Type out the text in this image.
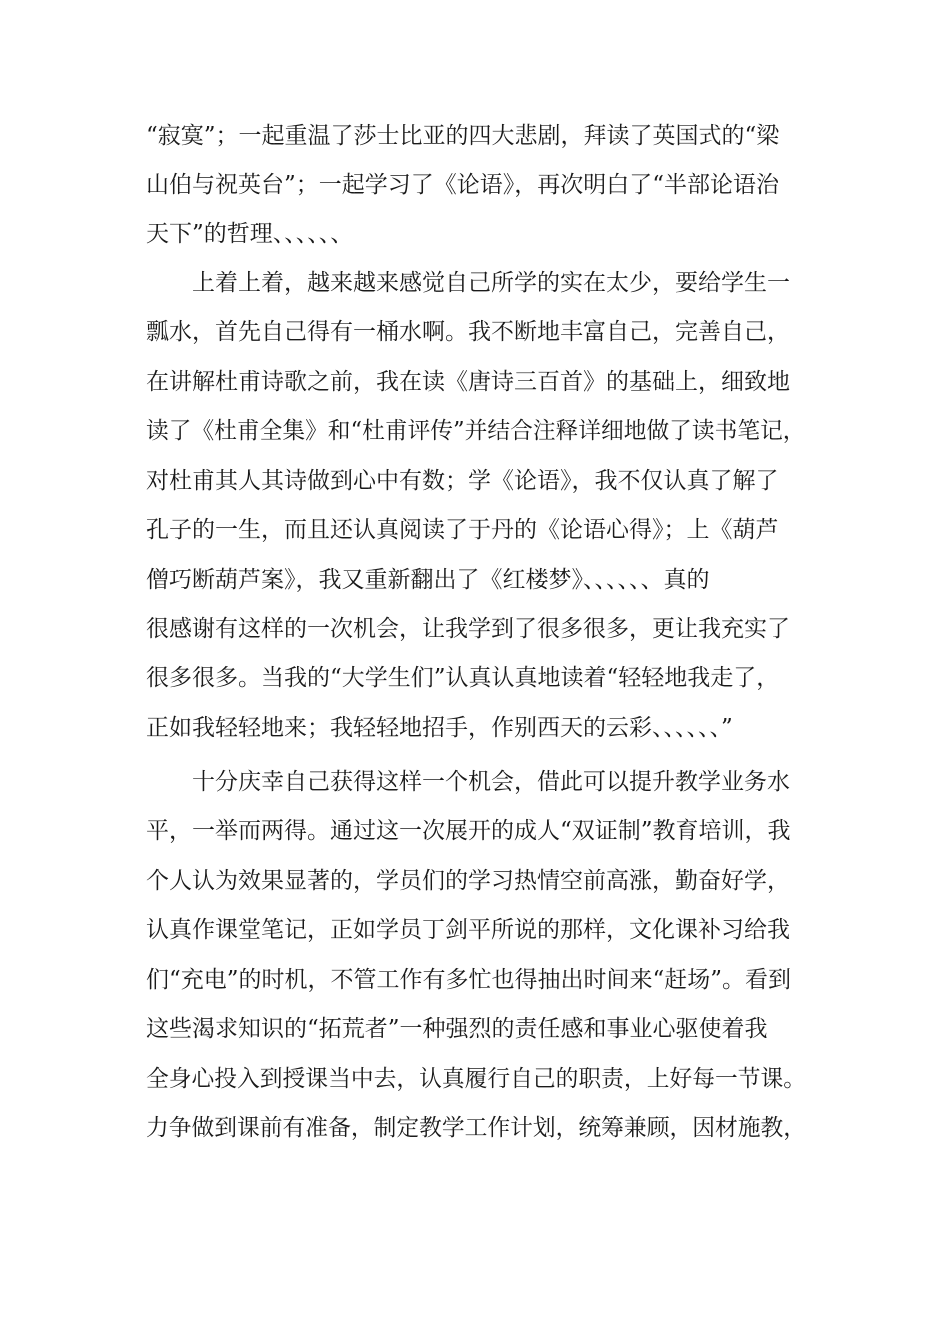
“寂寞”；一起重温了莎士比亚的四大悲剧，拜读了英国式的“梁
山伯与祝英台”；一起学习了《论语》，再次明白了“半部论语治
天下”的哲理、、、、、、
上着上着，越来越来感觉自己所学的实在太少，要给学生一
瓢水，首先自己得有一桶水啊。我不断地丰富自己，完善自己，
在讲解杜甫诗歌之前，我在读《唐诗三百首》的基础上，细致地
读了《杜甫全集》和“杜甫评传”并结合注释详细地做了读书笔记，
对杜甫其人其诗做到心中有数；学《论语》，我不仅认真了解了
孔子的一生，而且还认真阅读了于丹的《论语心得》；上《葫芦
僧巧断葫芦案》，我又重新翻出了《红楼梦》、、、、、、真的
很感谢有这样的一次机会，让我学到了很多很多，更让我充实了
很多很多。当我的“大学生们”认真认真地读着“轻轻地我走了，
正如我轻轻地来；我轻轻地招手，作别西天的云彩、、、、、、”
十分庆幸自己获得这样一个机会，借此可以提升教学业务水
平，一举而两得。通过这一次展开的成人“双证制”教育培训，我
个人认为效果显著的，学员们的学习热情空前高涨，勤奋好学，
认真作课堂笔记，正如学员丁剑平所说的那样，文化课补习给我
们“充电”的时机，不管工作有多忙也得抽出时间来“赶场”。看到
这些渴求知识的“拓荒者”一种强烈的责任感和事业心驱使着我
全身心投入到授课当中去，认真履行自己的职责，上好每一节课。
力争做到课前有准备，制定教学工作计划，统筹兼顾，因材施教，
